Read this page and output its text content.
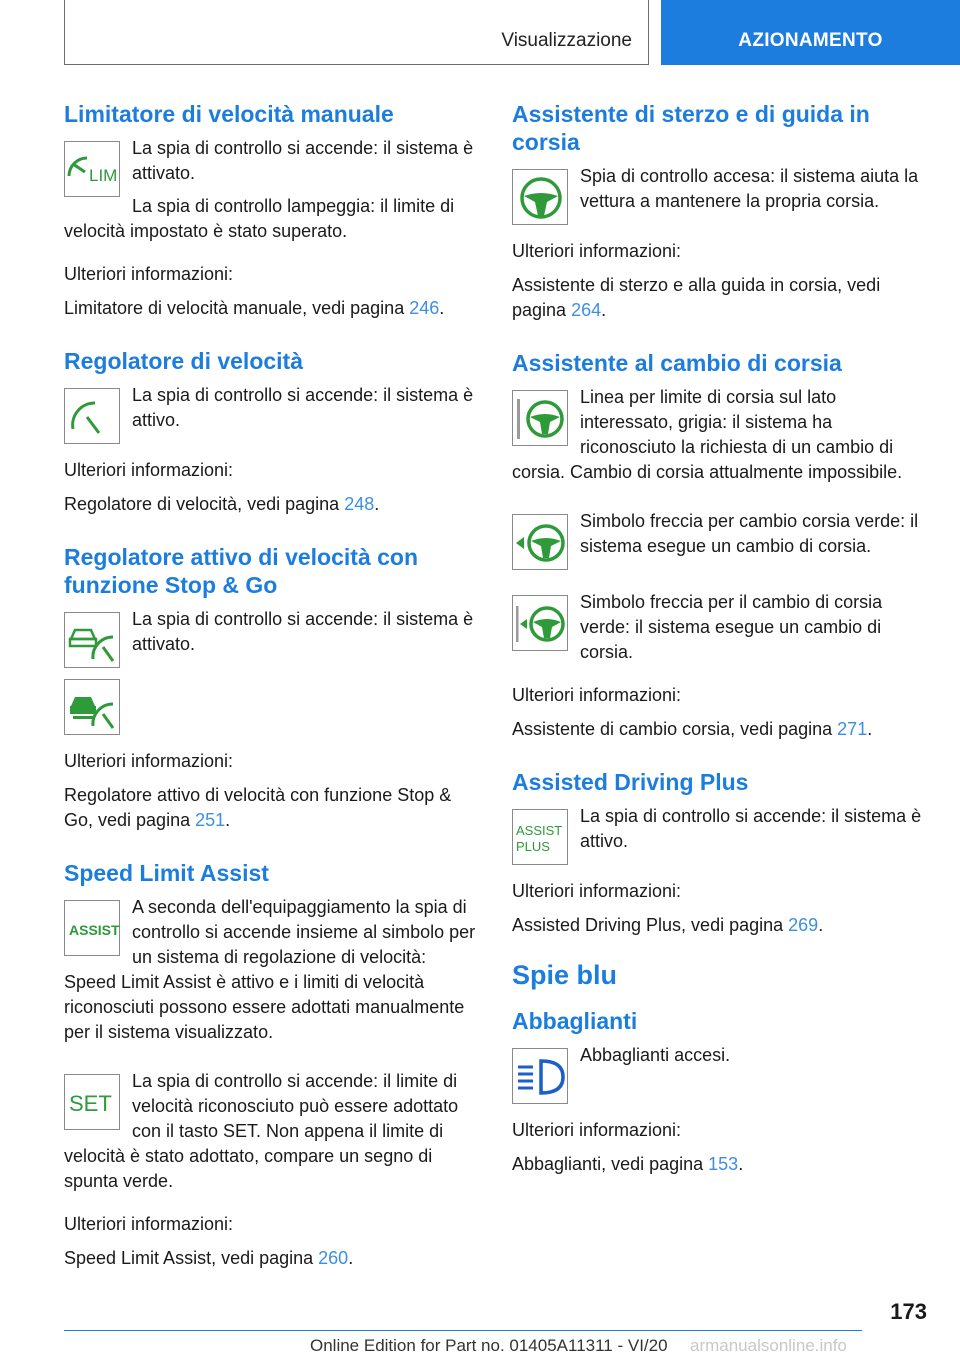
Visualizzazione	AZIONAMENTO
Limitatore di velocità manuale
LIM

La spia di controllo si accende: il sistema è attivato.

La spia di controllo lampeggia: il limite di velocità impostato è stato superato.

Ulteriori informazioni:

Limitatore di velocità manuale, vedi pagina 246.

Regolatore di velocità

La spia di controllo si accende: il sistema è attivo.

Ulteriori informazioni:

Regolatore di velocità, vedi pagina 248.

Regolatore attivo di velocità con funzione Stop & Go

La spia di controllo si accende: il sistema è attivato.

Ulteriori informazioni:

Regolatore attivo di velocità con funzione Stop & Go, vedi pagina 251.

Speed Limit Assist
ASSIST

A seconda dell'equipaggiamento la spia di controllo si accende insieme al simbolo per un sistema di regolazione di velocità: Speed Limit Assist è attivo e i limiti di velocità riconosciuti possono essere adottati manualmente per il sistema visualizzato.

SET

La spia di controllo si accende: il limite di velocità riconosciuto può essere adottato con il tasto SET. Non appena il limite di velocità è stato adottato, compare un segno di spunta verde.

Ulteriori informazioni:

Speed Limit Assist, vedi pagina 260.

Assistente di sterzo e di guida in corsia

Spia di controllo accesa: il sistema aiuta la vettura a mantenere la propria corsia.

Ulteriori informazioni:

Assistente di sterzo e alla guida in corsia, vedi pagina 264.

Assistente al cambio di corsia

Linea per limite di corsia sul lato interessato, grigia: il sistema ha riconosciuto la richiesta di un cambio di corsia. Cambio di corsia attualmente impossibile.

Simbolo freccia per cambio corsia verde: il sistema esegue un cambio di corsia.

Simbolo freccia per il cambio di corsia verde: il sistema esegue un cambio di corsia.

Ulteriori informazioni:

Assistente di cambio corsia, vedi pagina 271.

Assisted Driving Plus
ASSIST
PLUS

La spia di controllo si accende: il sistema è attivo.

Ulteriori informazioni:

Assisted Driving Plus, vedi pagina 269.

Spie blu
Abbaglianti

Abbaglianti accesi.

Ulteriori informazioni:

Abbaglianti, vedi pagina 153.

173
Online Edition for Part no. 01405A11311 - VI/20 armanualsonline.info
